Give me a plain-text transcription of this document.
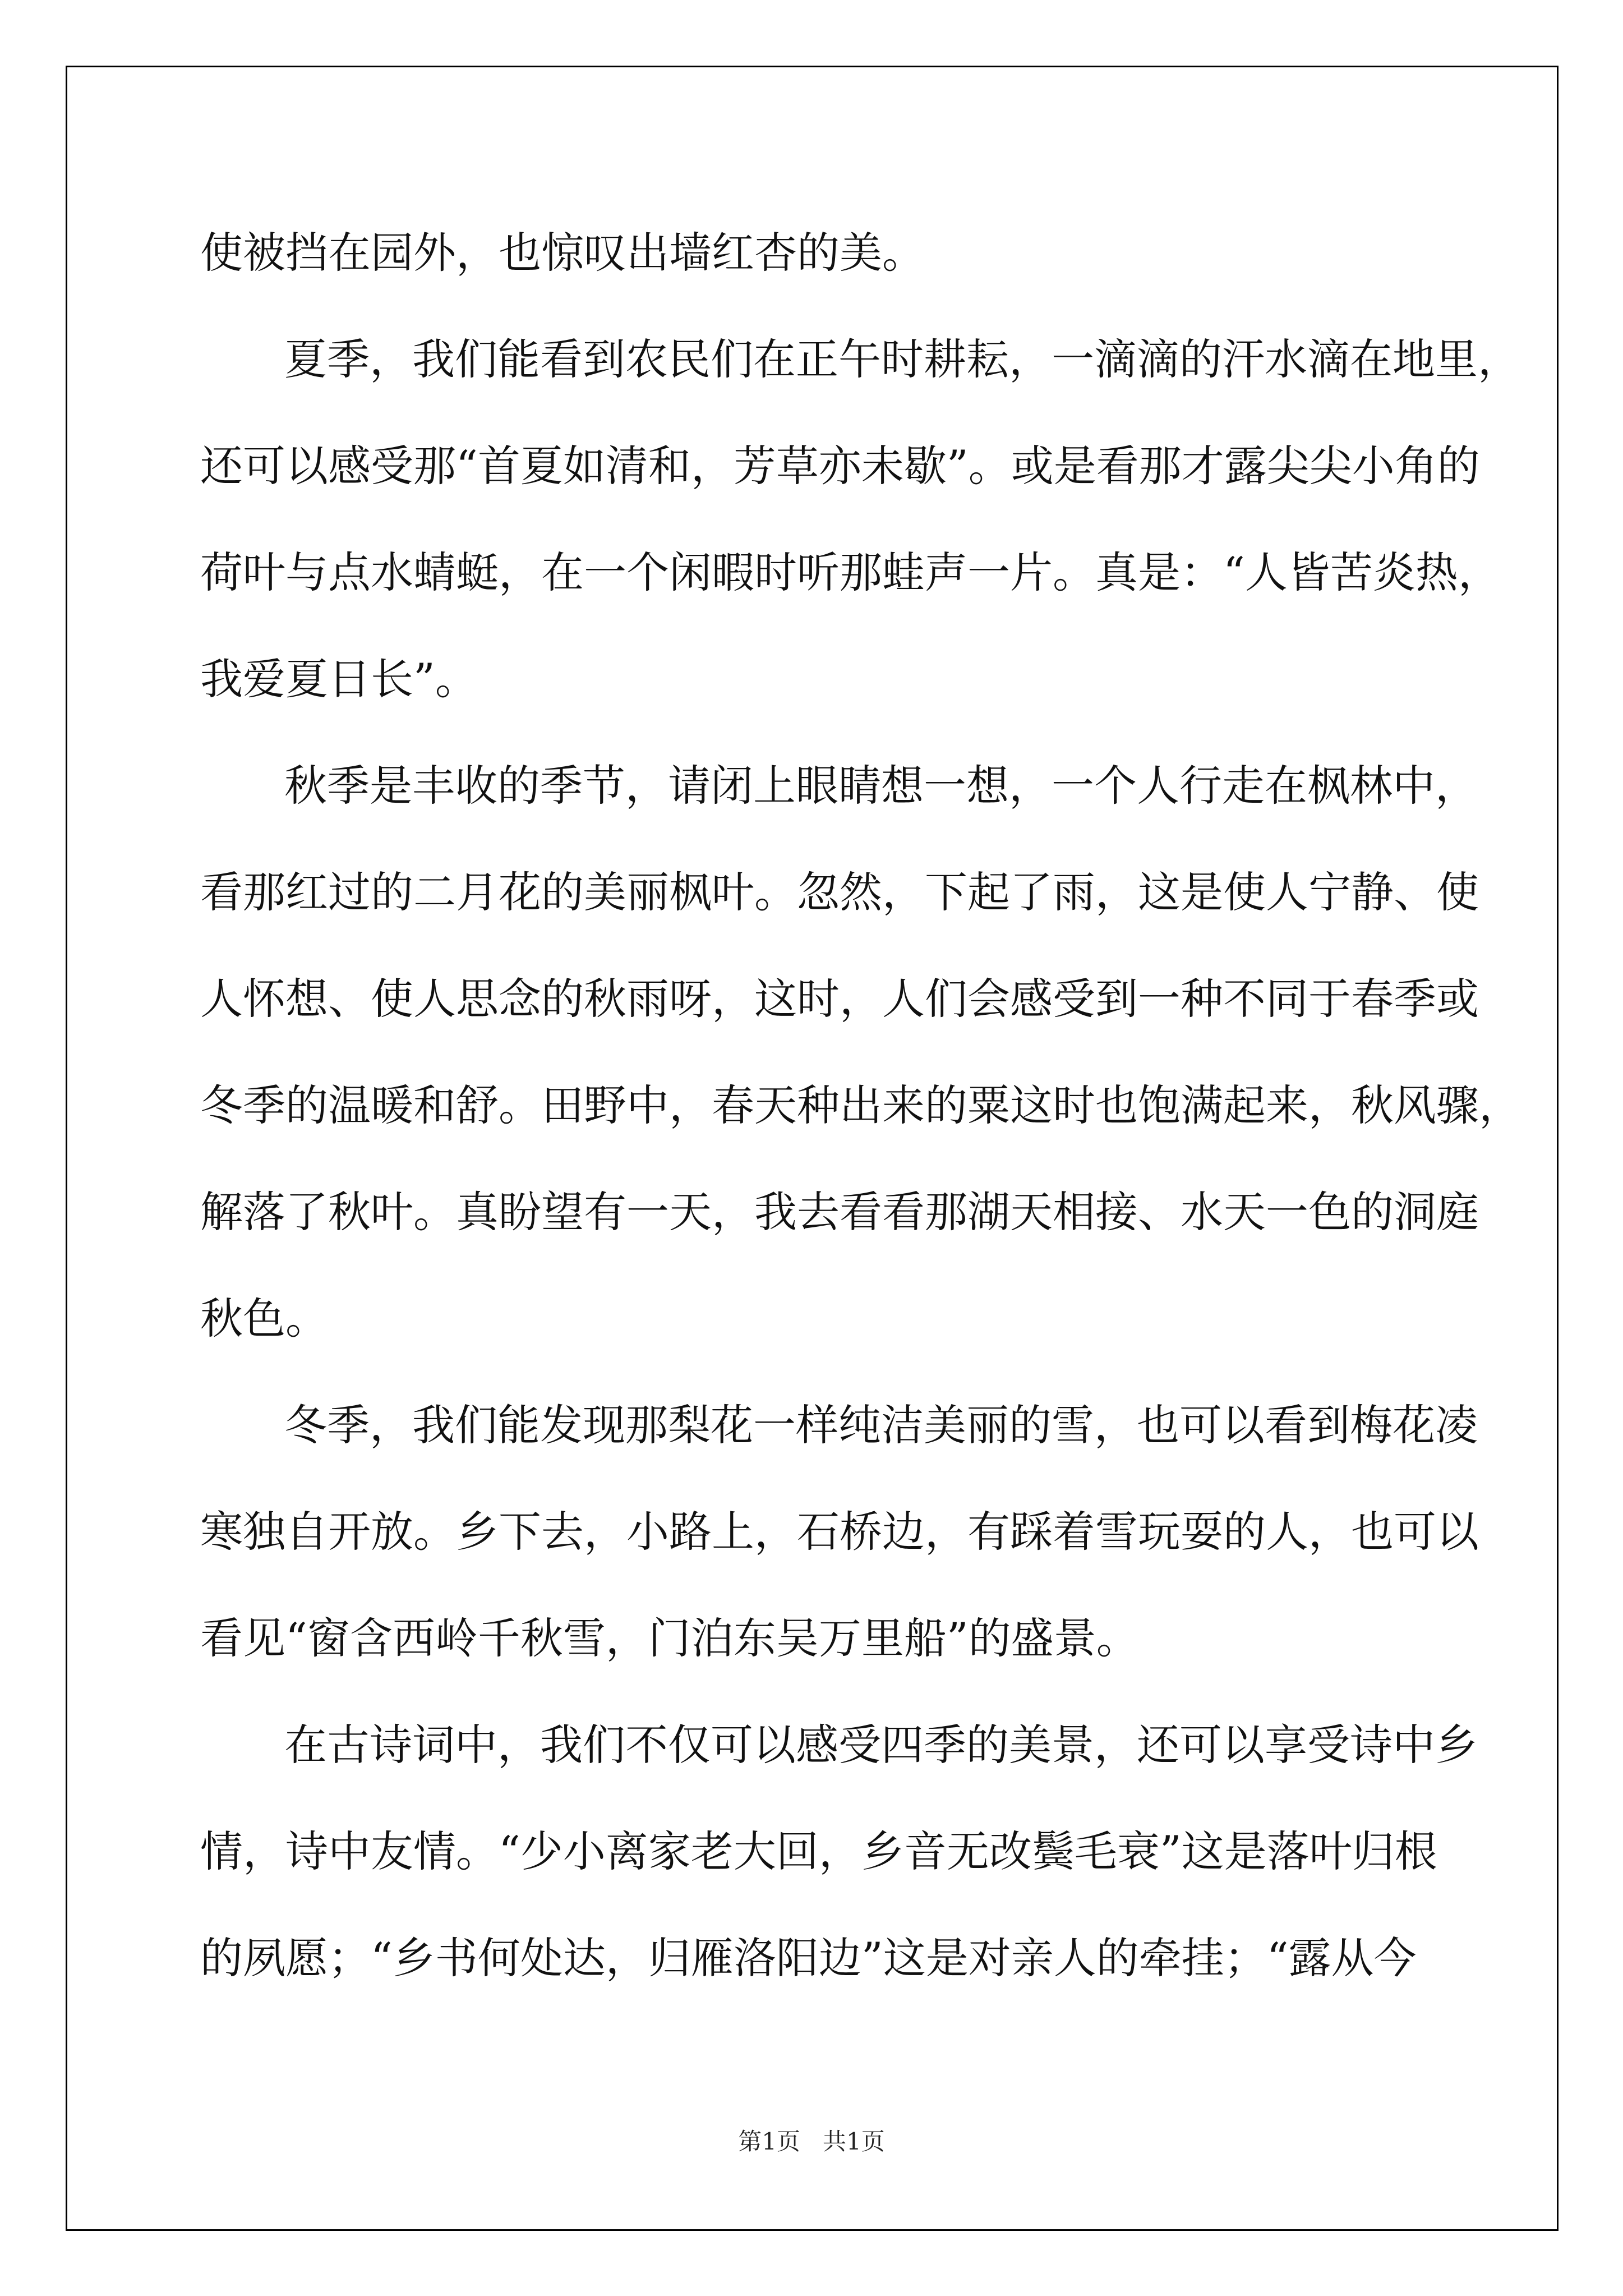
使被挡在园外，也惊叹出墙红杏的美。
夏季，我们能看到农民们在正午时耕耘，一滴滴的汗水滴在地里，
还可以感受那“首夏如清和，芳草亦未歇”。或是看那才露尖尖小角的
荷叶与点水蜻蜓，在一个闲暇时听那蛙声一片。真是：“人皆苦炎热，
我爱夏日长”。
秋季是丰收的季节，请闭上眼睛想一想，一个人行走在枫林中，
看那红过的二月花的美丽枫叶。忽然，下起了雨，这是使人宁静、使
人怀想、使人思念的秋雨呀，这时，人们会感受到一种不同于春季或
冬季的温暖和舒。田野中，春天种出来的粟这时也饱满起来，秋风骤，
解落了秋叶。真盼望有一天，我去看看那湖天相接、水天一色的洞庭
秋色。
冬季，我们能发现那梨花一样纯洁美丽的雪，也可以看到梅花凌
寒独自开放。乡下去，小路上，石桥边，有踩着雪玩耍的人，也可以
看见“窗含西岭千秋雪，门泊东吴万里船”的盛景。
在古诗词中，我们不仅可以感受四季的美景，还可以享受诗中乡
情，诗中友情。“少小离家老大回，乡音无改鬓毛衰”这是落叶归根
的夙愿；“乡书何处达，归雁洛阳边”这是对亲人的牵挂；“露从今
第1页 共1页
